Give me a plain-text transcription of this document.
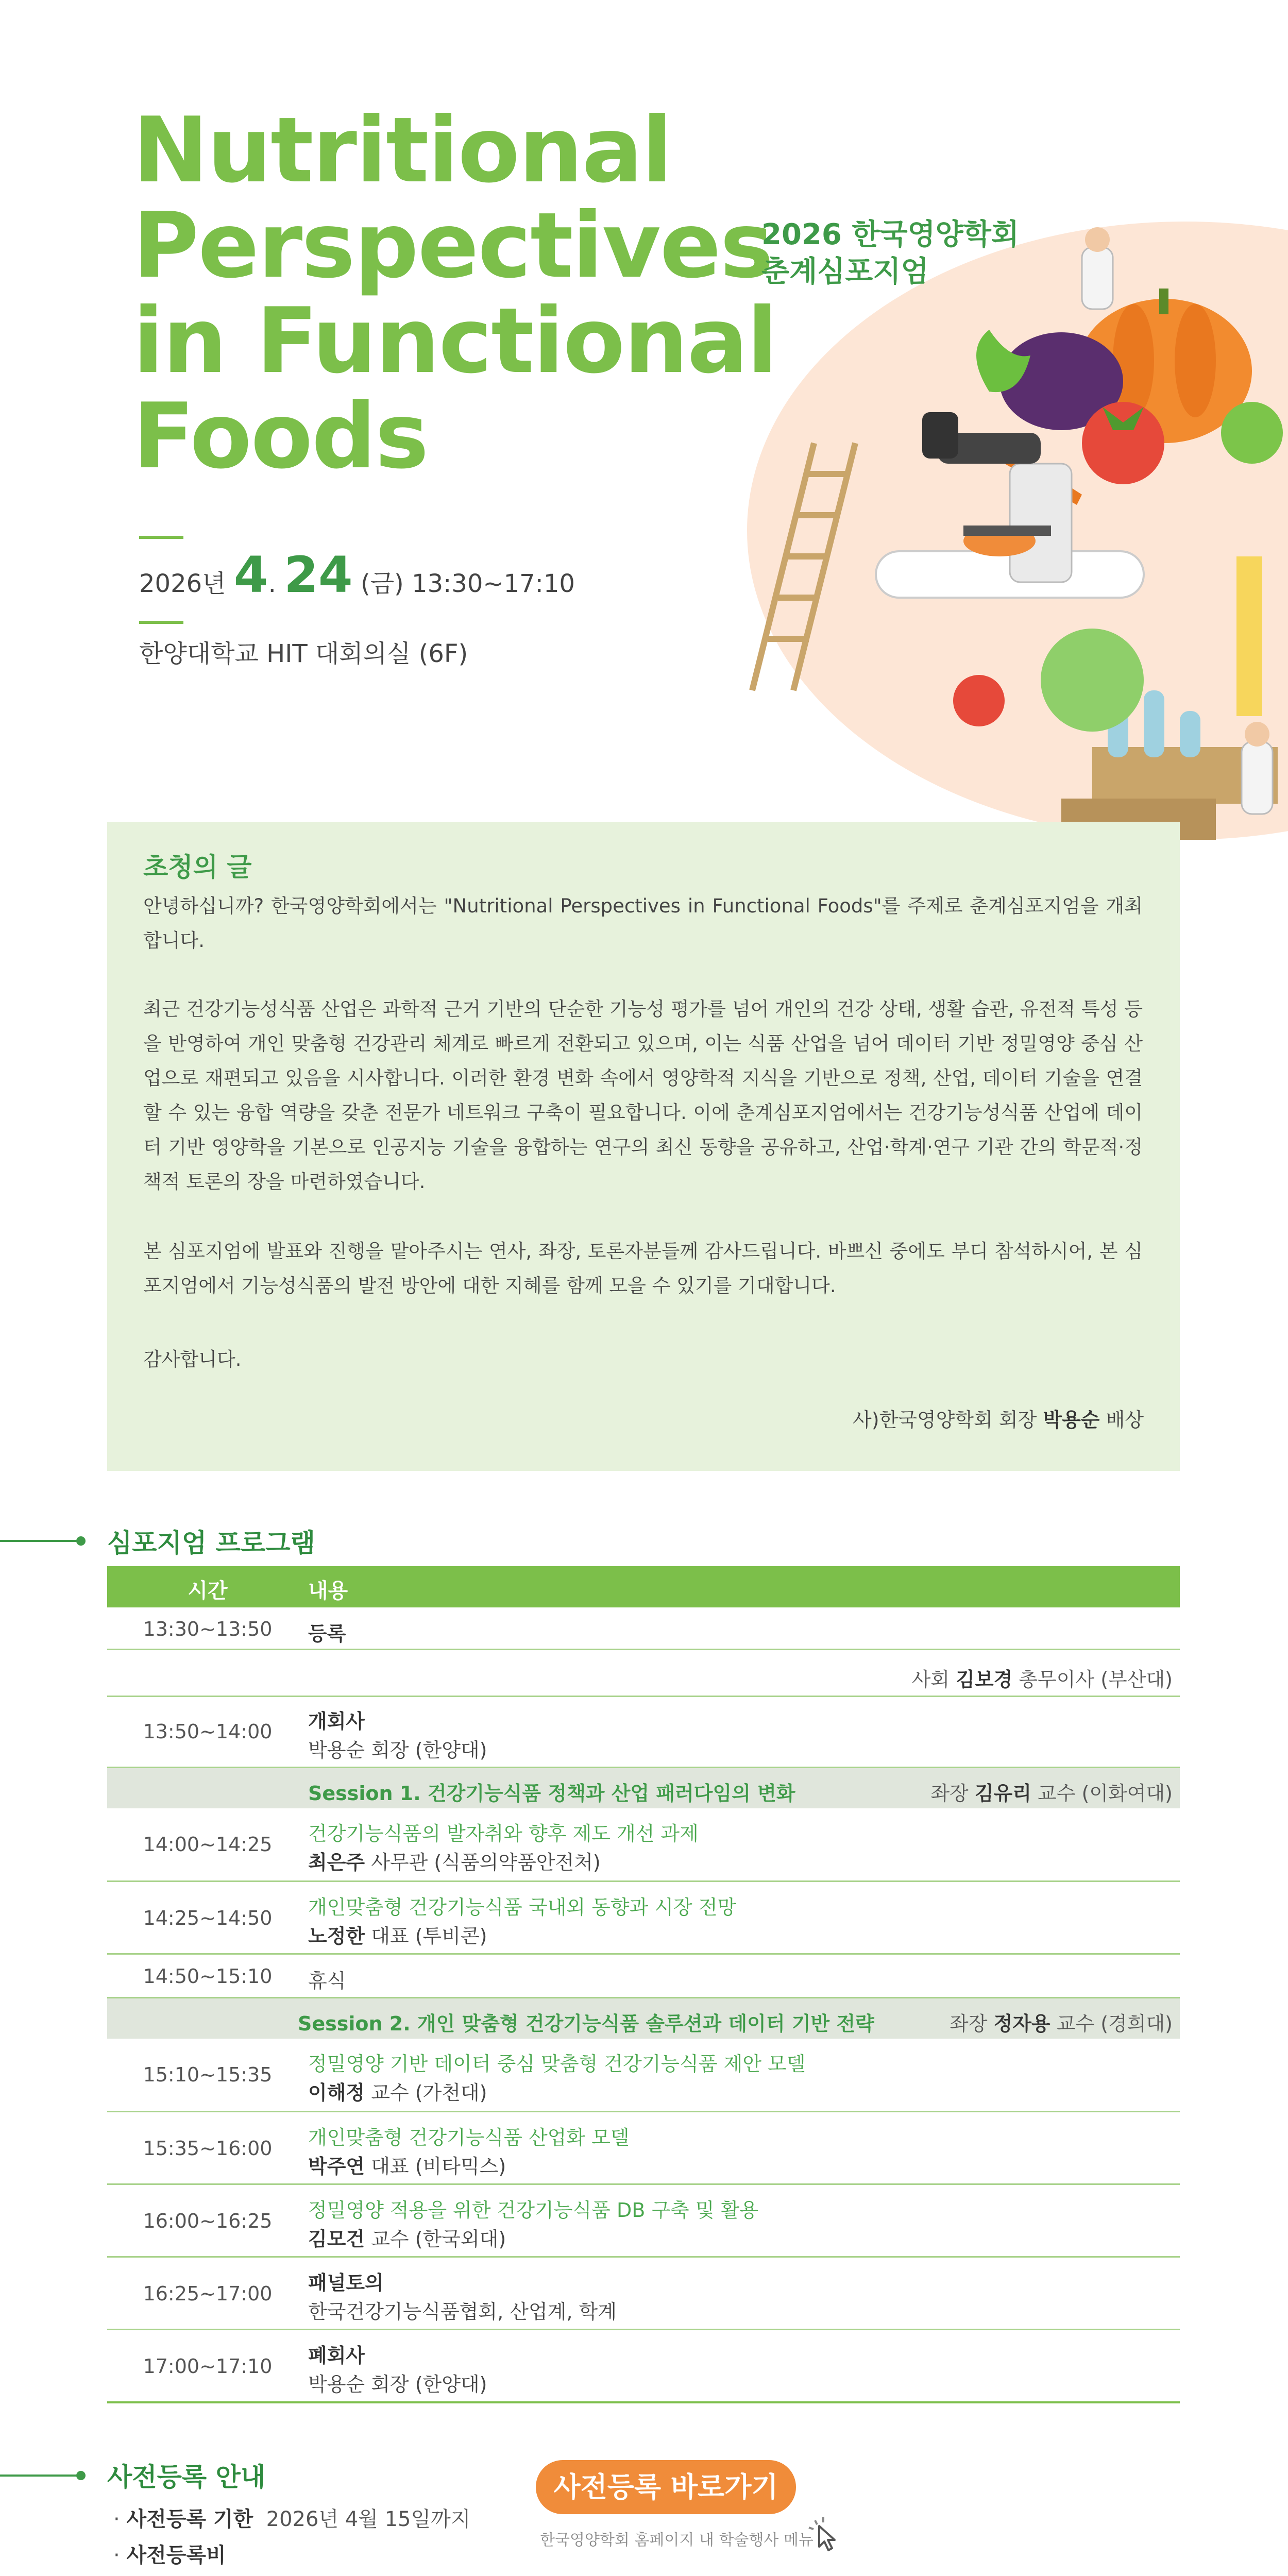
Nutritional
Perspectives
in Functional
Foods
2026 한국영양학회
춘계심포지엄
2026년 4. 24 (금) 13:30~17:10
한양대학교 HIT 대회의실 (6F)
초청의 글

안녕하십니까? 한국영양학회에서는 "Nutritional Perspectives in Functional Foods"를 주제로 춘계심포지엄을 개최합니다.

최근 건강기능성식품 산업은 과학적 근거 기반의 단순한 기능성 평가를 넘어 개인의 건강 상태, 생활 습관, 유전적 특성 등을 반영하여 개인 맞춤형 건강관리 체계로 빠르게 전환되고 있으며, 이는 식품 산업을 넘어 데이터 기반 정밀영양 중심 산업으로 재편되고 있음을 시사합니다. 이러한 환경 변화 속에서 영양학적 지식을 기반으로 정책, 산업, 데이터 기술을 연결할 수 있는 융합 역량을 갖춘 전문가 네트워크 구축이 필요합니다. 이에 춘계심포지엄에서는 건강기능성식품 산업에 데이터 기반 영양학을 기본으로 인공지능 기술을 융합하는 연구의 최신 동향을 공유하고, 산업·학계·연구 기관 간의 학문적·정책적 토론의 장을 마련하였습니다.

본 심포지엄에 발표와 진행을 맡아주시는 연사, 좌장, 토론자분들께 감사드립니다. 바쁘신 중에도 부디 참석하시어, 본 심포지엄에서 기능성식품의 발전 방안에 대한 지혜를 함께 모을 수 있기를 기대합니다.

감사합니다.

사)한국영양학회 회장 박용순 배상
심포지엄 프로그램
시간	내용
13:30~13:50	등록
사회 김보경 총무이사 (부산대)
13:50~14:00	개회사
박용순 회장 (한양대)
Session 1. 건강기능식품 정책과 산업 패러다임의 변화	좌장 김유리 교수 (이화여대)
14:00~14:25	건강기능식품의 발자취와 향후 제도 개선 과제
최은주 사무관 (식품의약품안전처)
14:25~14:50	개인맞춤형 건강기능식품 국내외 동향과 시장 전망
노정한 대표 (투비콘)
14:50~15:10	휴식
Session 2. 개인 맞춤형 건강기능식품 솔루션과 데이터 기반 전략	좌장 정자용 교수 (경희대)
15:10~15:35	정밀영양 기반 데이터 중심 맞춤형 건강기능식품 제안 모델
이해정 교수 (가천대)
15:35~16:00	개인맞춤형 건강기능식품 산업화 모델
박주연 대표 (비타믹스)
16:00~16:25	정밀영양 적용을 위한 건강기능식품 DB 구축 및 활용
김모건 교수 (한국외대)
16:25~17:00	패널토의
한국건강기능식품협회, 산업계, 학계
17:00~17:10	폐회사
박용순 회장 (한양대)
사전등록 안내
· 사전등록 기한 2026년 4월 15일까지
· 사전등록비
사전등록 바로가기
한국영양학회 홈페이지 내 학술행사 메뉴
